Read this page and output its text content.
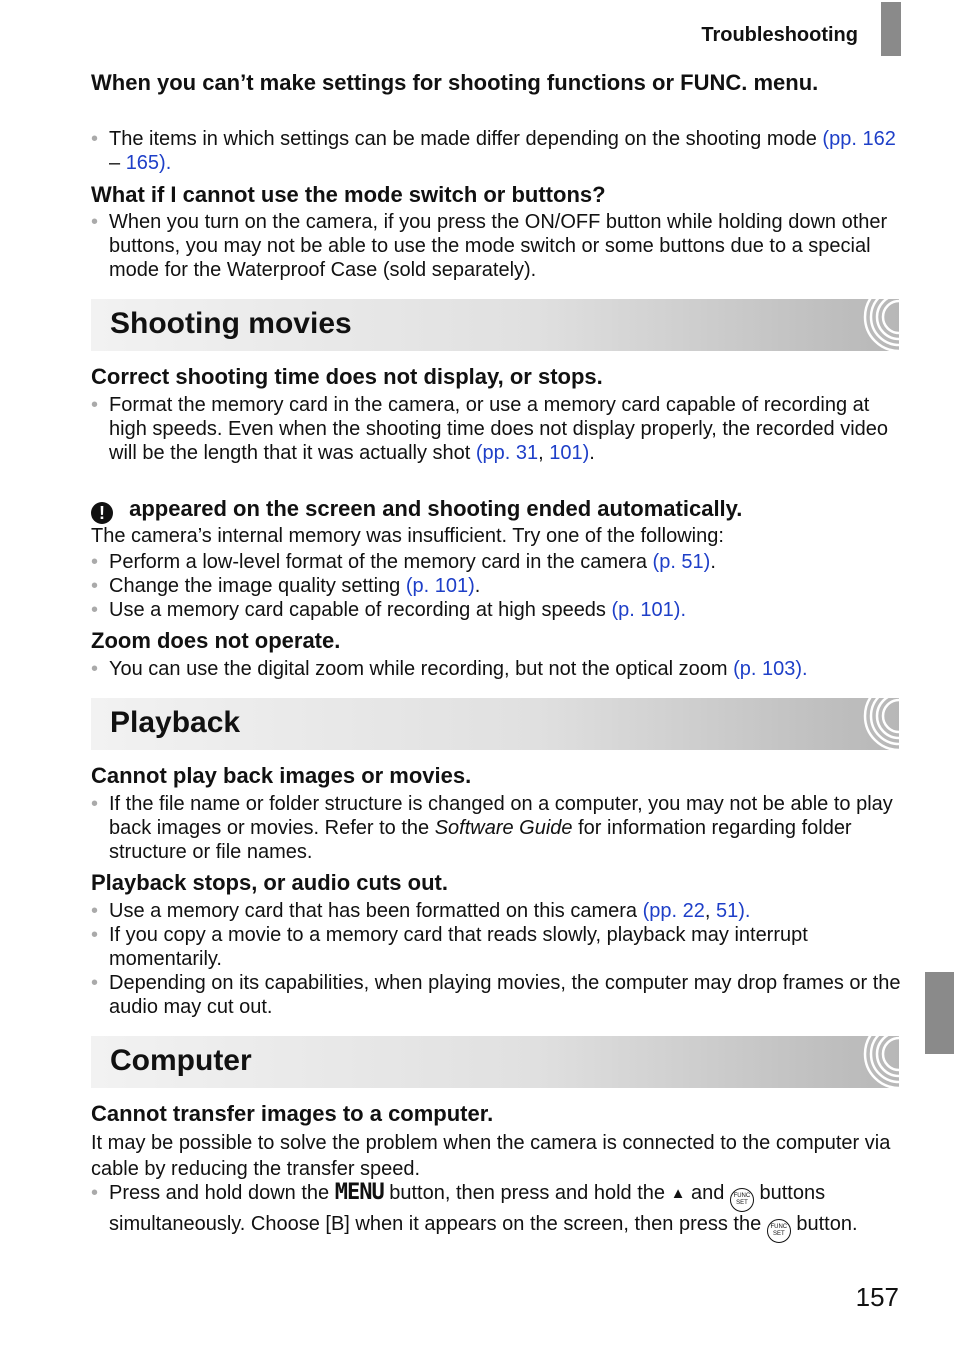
Troubleshooting
When you can’t make settings for shooting functions or FUNC. menu.
• The items in which settings can be made differ depending on the shooting mode (pp. 162 – 165).
What if I cannot use the mode switch or buttons?
• When you turn on the camera, if you press the ON/OFF button while holding down other buttons, you may not be able to use the mode switch or some buttons due to a special mode for the Waterproof Case (sold separately).
Shooting movies
Correct shooting time does not display, or stops.
• Format the memory card in the camera, or use a memory card capable of recording at high speeds. Even when the shooting time does not display properly, the recorded video will be the length that it was actually shot (pp. 31, 101).
! appeared on the screen and shooting ended automatically.
The camera’s internal memory was insufficient. Try one of the following:
• Perform a low-level format of the memory card in the camera (p. 51).
• Change the image quality setting (p. 101).
• Use a memory card capable of recording at high speeds (p. 101).
Zoom does not operate.
• You can use the digital zoom while recording, but not the optical zoom (p. 103).
Playback
Cannot play back images or movies.
• If the file name or folder structure is changed on a computer, you may not be able to play back images or movies. Refer to the Software Guide for information regarding folder structure or file names.
Playback stops, or audio cuts out.
• Use a memory card that has been formatted on this camera (pp. 22, 51).
• If you copy a movie to a memory card that reads slowly, playback may interrupt momentarily.
• Depending on its capabilities, when playing movies, the computer may drop frames or the audio may cut out.
Computer
Cannot transfer images to a computer.
It may be possible to solve the problem when the camera is connected to the computer via cable by reducing the transfer speed.
• Press and hold down the MENU button, then press and hold the ▲ and FUNC
SET buttons simultaneously. Choose [B] when it appears on the screen, then press the FUNC
SET button.
157
